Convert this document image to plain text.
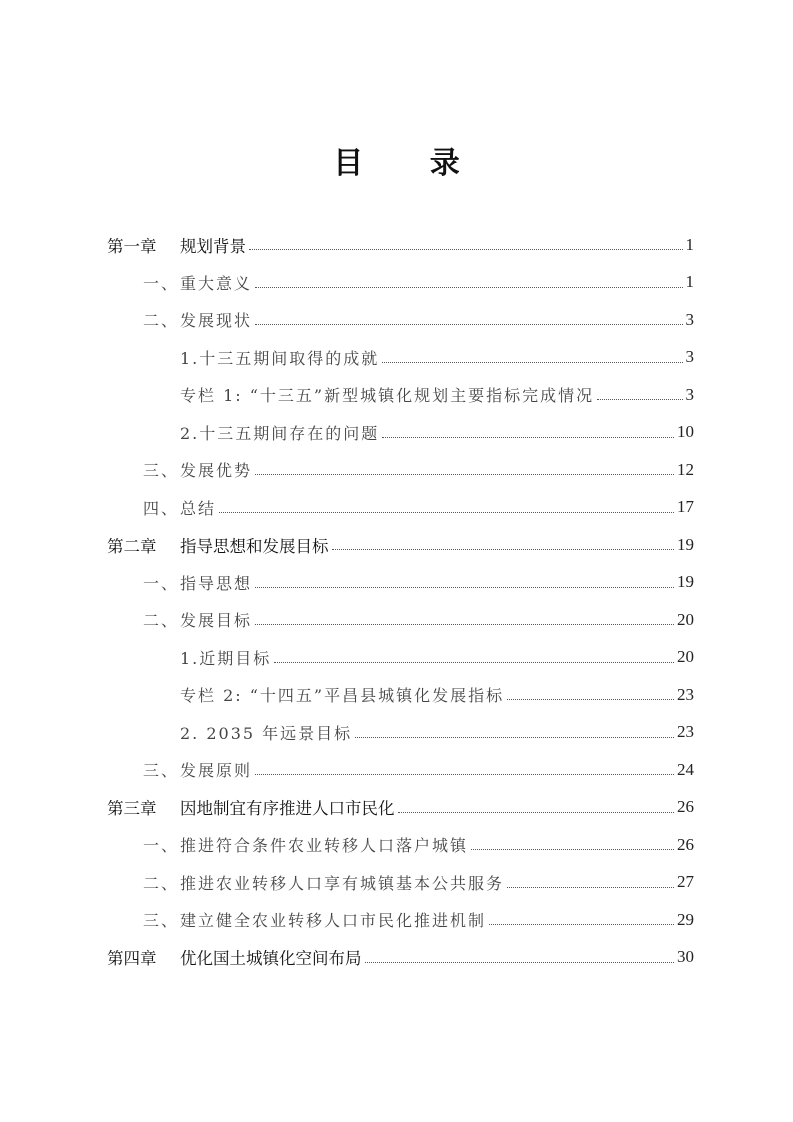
目 录
第一章	规划背景	1
一、 重大意义	1
二、 发展现状	3
1.十三五期间取得的成就	3
专栏 1: “十三五”新型城镇化规划主要指标完成情况	3
2.十三五期间存在的问题	10
三、 发展优势	12
四、 总结	17
第二章	指导思想和发展目标	19
一、 指导思想	19
二、 发展目标	20
1.近期目标	20
专栏 2: “十四五”平昌县城镇化发展指标	23
2. 2035 年远景目标	23
三、 发展原则	24
第三章	因地制宜有序推进人口市民化	26
一、 推进符合条件农业转移人口落户城镇	26
二、 推进农业转移人口享有城镇基本公共服务	27
三、 建立健全农业转移人口市民化推进机制	29
第四章	优化国土城镇化空间布局	30
